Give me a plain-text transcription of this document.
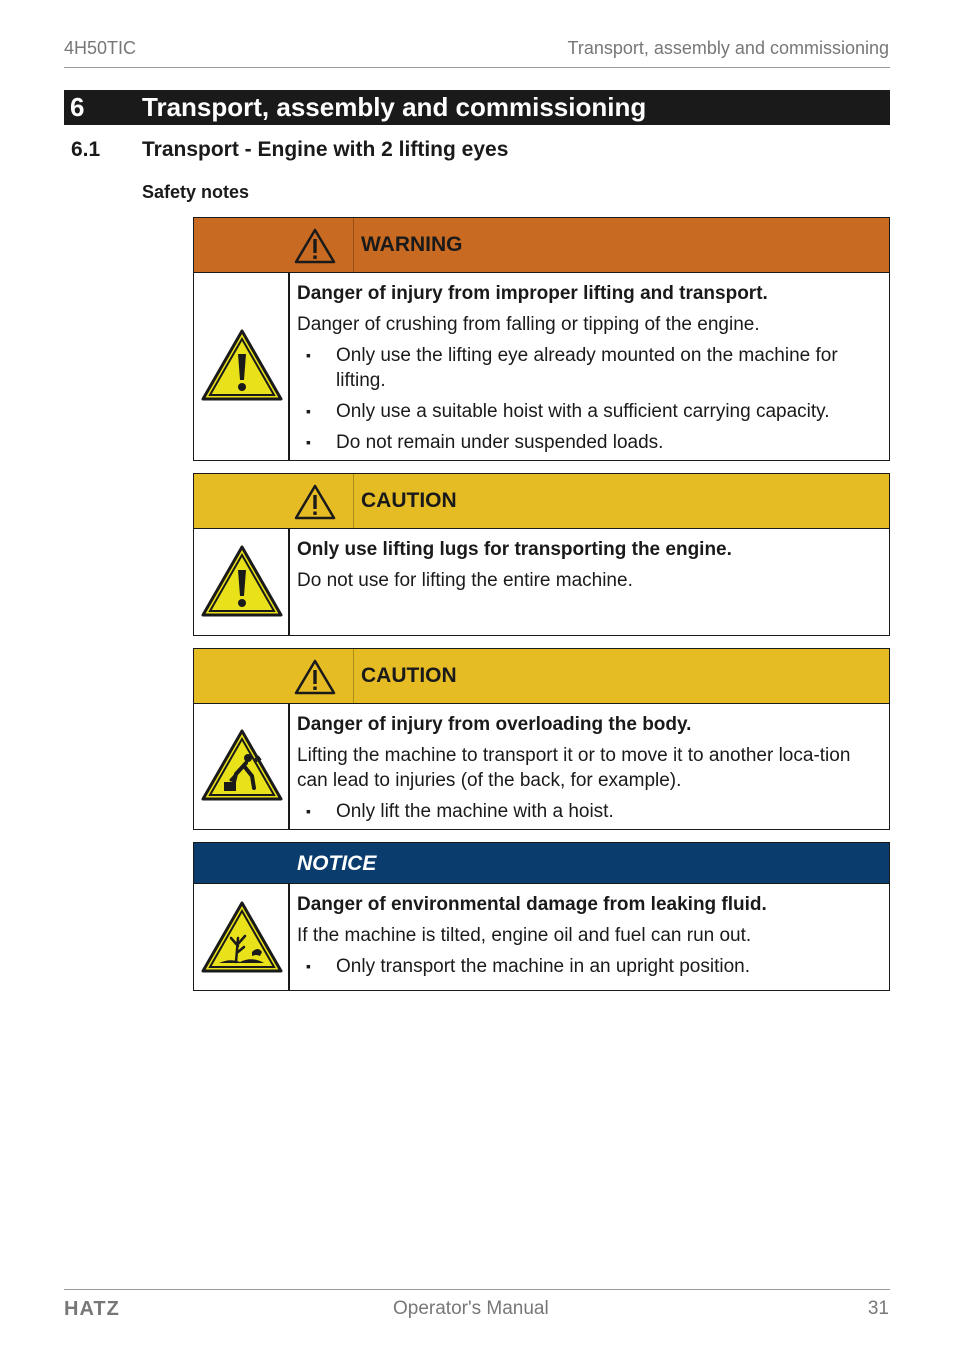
4H50TIC	Transport, assembly and commissioning
6 Transport, assembly and commissioning
6.1 Transport - Engine with 2 lifting eyes
Safety notes
WARNING
Danger of injury from improper lifting and transport.
Danger of crushing from falling or tipping of the engine.
▪ Only use the lifting eye already mounted on the machine for lifting.
▪ Only use a suitable hoist with a sufficient carrying capacity.
▪ Do not remain under suspended loads.
CAUTION
Only use lifting lugs for transporting the engine.
Do not use for lifting the entire machine.
CAUTION
Danger of injury from overloading the body.
Lifting the machine to transport it or to move it to another loca-tion can lead to injuries (of the back, for example).
▪ Only lift the machine with a hoist.
NOTICE
Danger of environmental damage from leaking fluid.
If the machine is tilted, engine oil and fuel can run out.
▪ Only transport the machine in an upright position.
HATZ	Operator's Manual	31
